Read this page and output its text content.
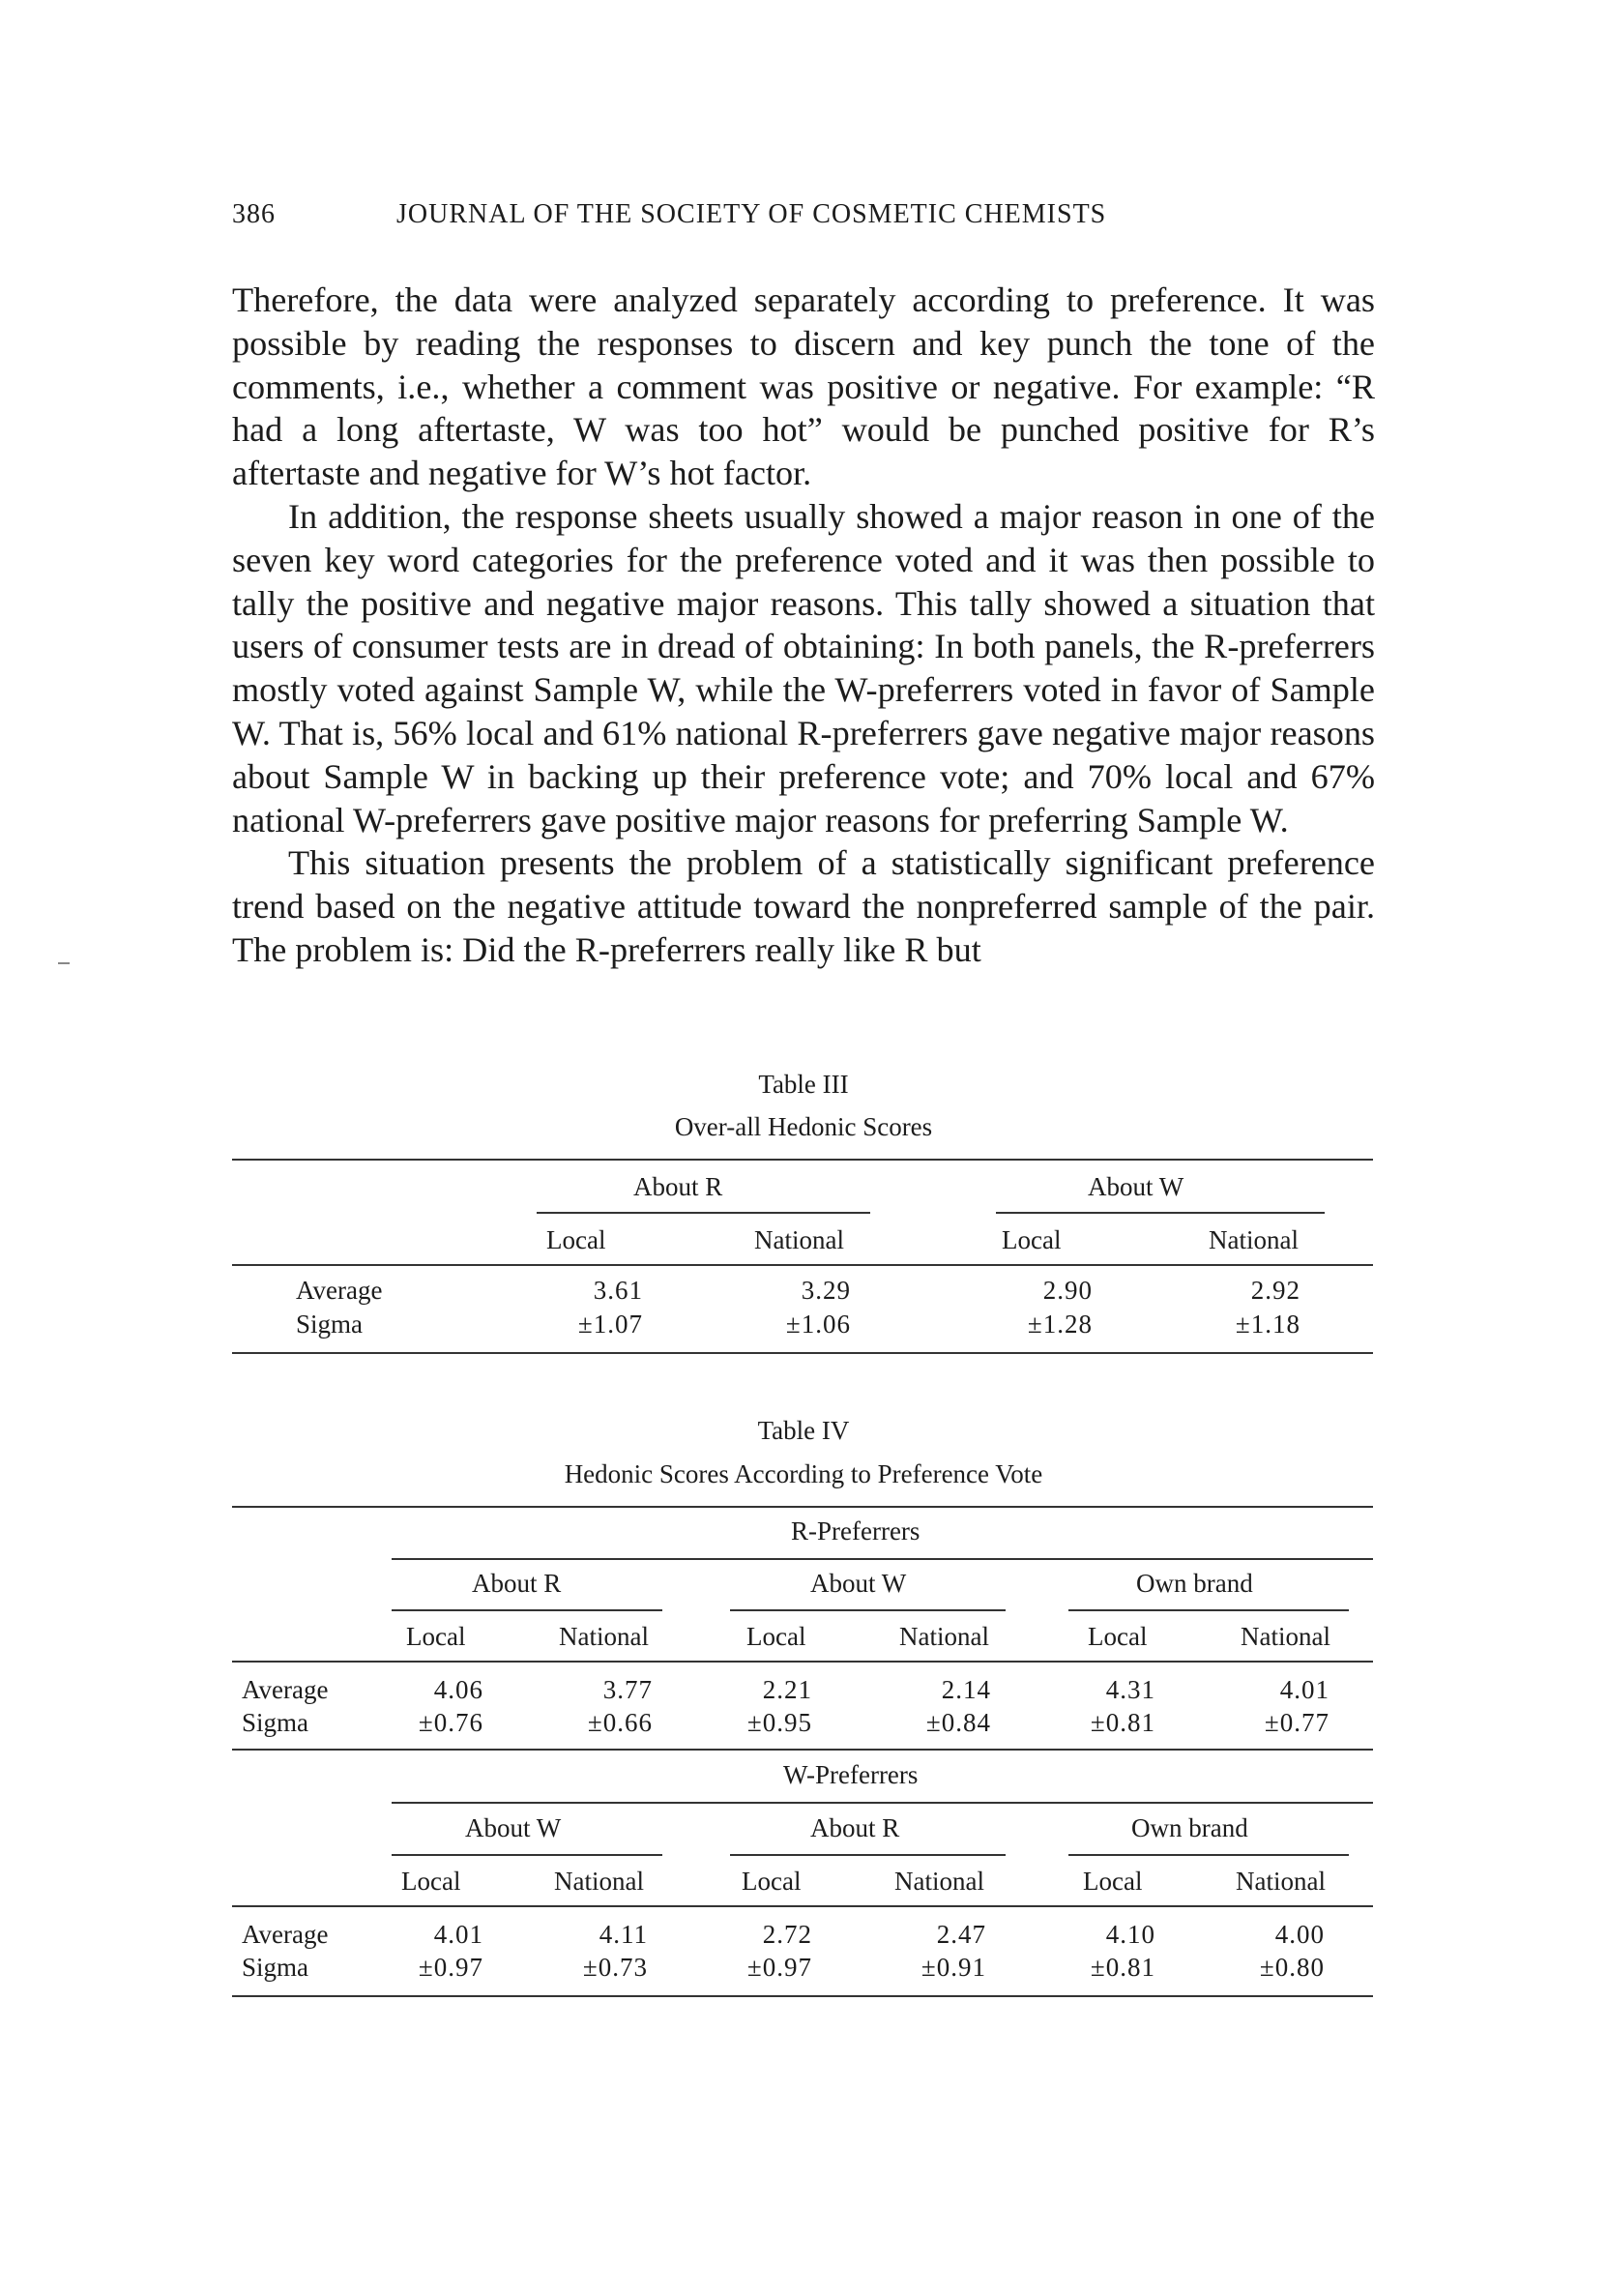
386	JOURNAL OF THE SOCIETY OF COSMETIC CHEMISTS

Therefore, the data were analyzed separately according to preference. It was possible by reading the responses to discern and key punch the tone of the comments, i.e., whether a comment was positive or negative. For example: “R had a long aftertaste, W was too hot” would be punched positive for R’s aftertaste and negative for W’s hot factor.

In addition, the response sheets usually showed a major reason in one of the seven key word categories for the preference voted and it was then possible to tally the positive and negative major reasons. This tally showed a situation that users of consumer tests are in dread of obtaining: In both panels, the R-preferrers mostly voted against Sample W, while the W-preferrers voted in favor of Sample W. That is, 56% local and 61% national R-preferrers gave negative major reasons about Sample W in backing up their preference vote; and 70% local and 67% national W-preferrers gave positive major reasons for preferring Sample W.

This situation presents the problem of a statistically significant preference trend based on the negative attitude toward the nonpreferred sample of the pair. The problem is: Did the R-preferrers really like R but

Table III
Over-all Hedonic Scores
About R	About W
Local	National	Local	National
Average	3.61	3.29	2.90	2.92
Sigma	±1.07	±1.06	±1.28	±1.18
Table IV
Hedonic Scores According to Preference Vote
R-Preferrers
About R	About W	Own brand
Local	National	Local	National	Local	National
Average	4.06	3.77	2.21	2.14	4.31	4.01
Sigma	±0.76	±0.66	±0.95	±0.84	±0.81	±0.77
W-Preferrers
About W	About R	Own brand
Local	National	Local	National	Local	National
Average	4.01	4.11	2.72	2.47	4.10	4.00
Sigma	±0.97	±0.73	±0.97	±0.91	±0.81	±0.80
